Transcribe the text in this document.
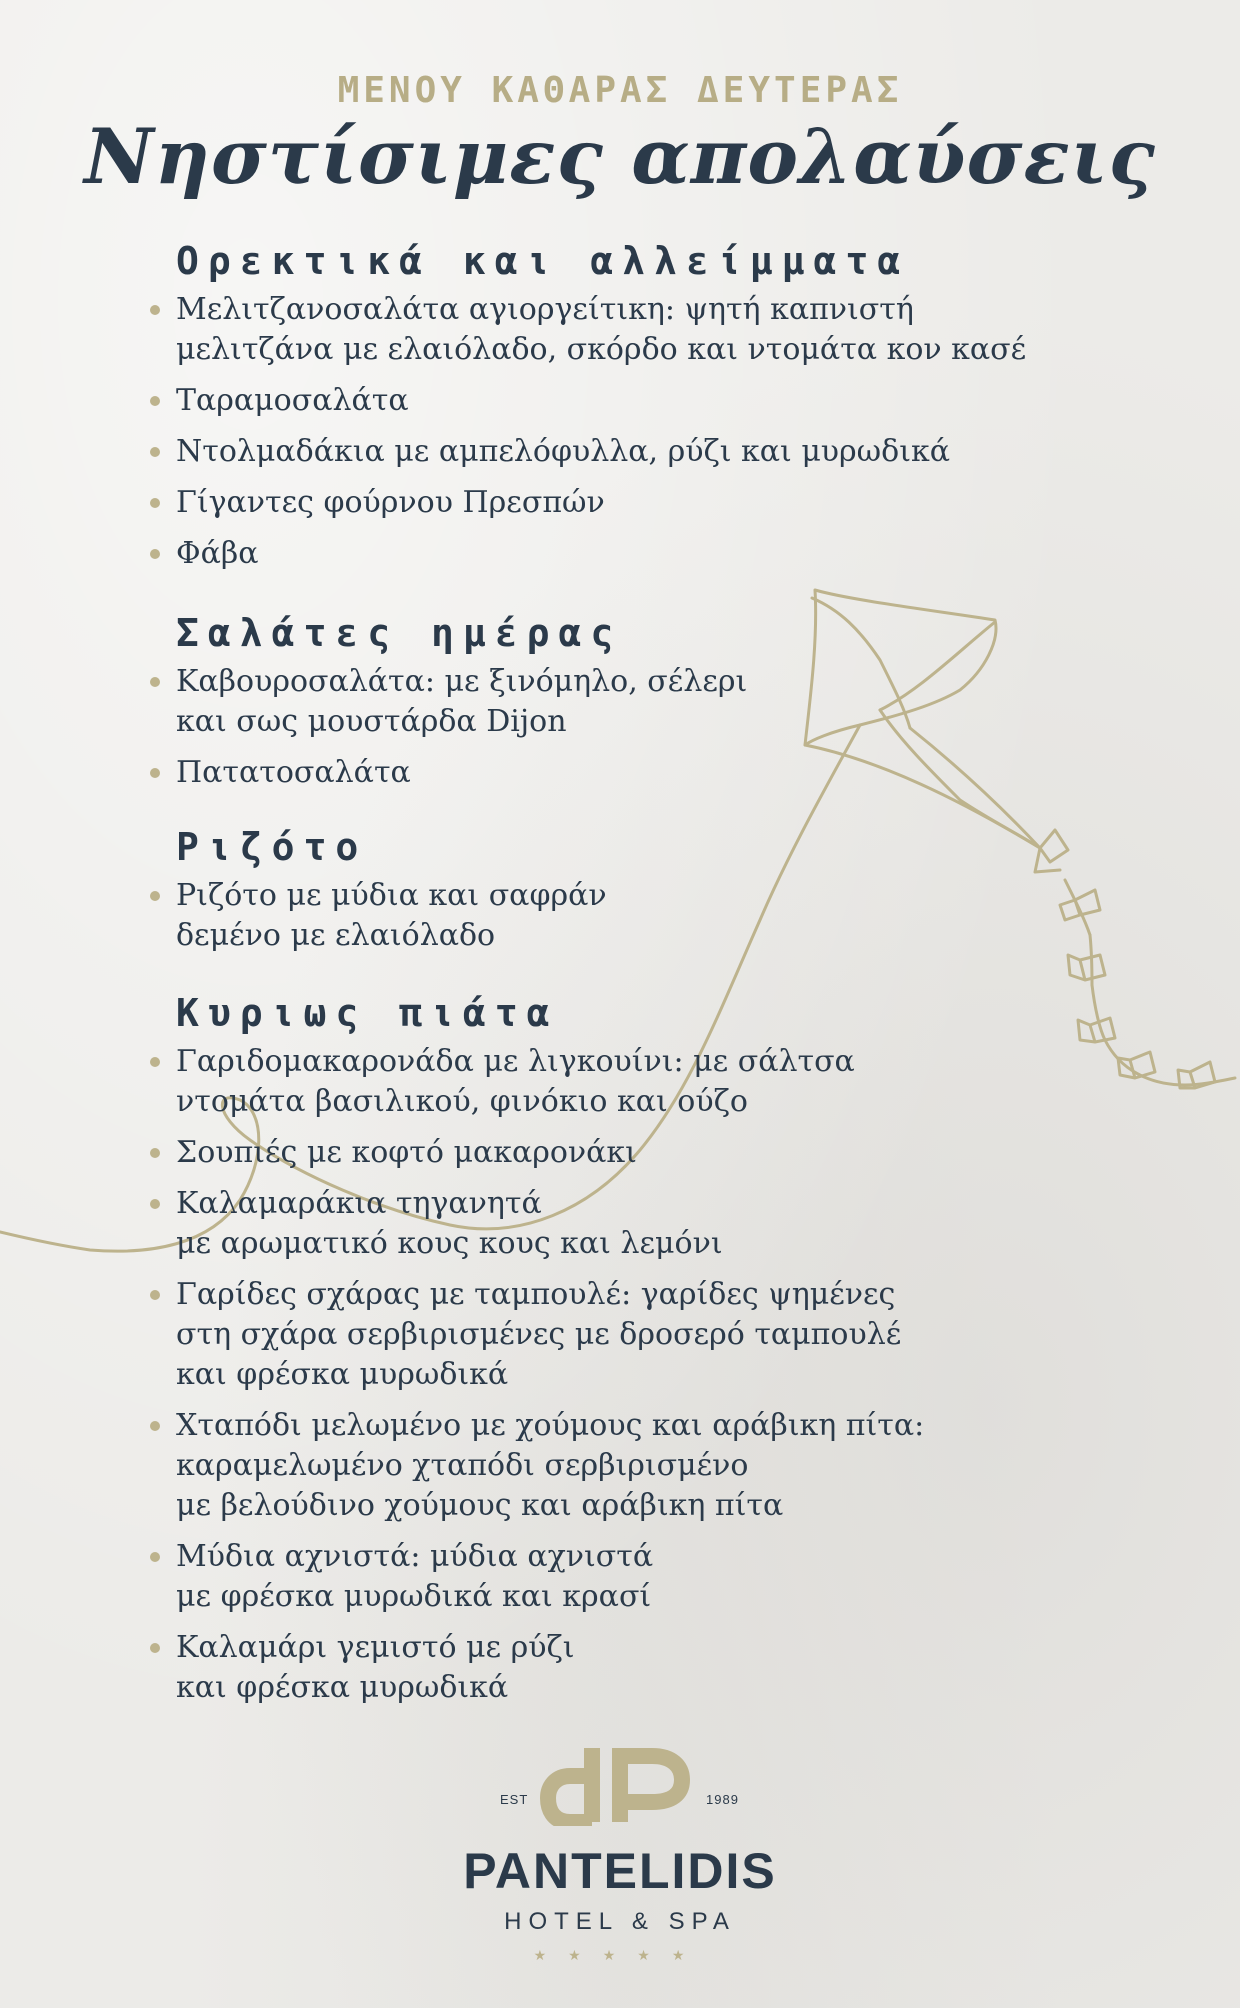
ΜΕΝΟΥ ΚΑΘΑΡΑΣ ΔΕΥΤΕΡΑΣ
Νηστίσιμες απολαύσεις
Ορεκτικά και αλλείμματα
Μελιτζανοσαλάτα αγιοργείτικη: ψητή καπνιστή
μελιτζάνα με ελαιόλαδο, σκόρδο και ντομάτα κον κασέ
Ταραμοσαλάτα
Ντολμαδάκια με αμπελόφυλλα, ρύζι και μυρωδικά
Γίγαντες φούρνου Πρεσπών
Φάβα
Σαλάτες ημέρας
Καβουροσαλάτα: με ξινόμηλο, σέλερι
και σως μουστάρδα Dijon
Πατατοσαλάτα
Ριζότο
Ριζότο με μύδια και σαφράν
δεμένο με ελαιόλαδο
Κυριως πιάτα
Γαριδομακαρονάδα με λιγκουίνι: με σάλτσα
ντομάτα βασιλικού, φινόκιο και ούζο
Σουπιές με κοφτό μακαρονάκι
Καλαμαράκια τηγανητά
με αρωματικό κους κους και λεμόνι
Γαρίδες σχάρας με ταμπουλέ: γαρίδες ψημένες
στη σχάρα σερβιρισμένες με δροσερό ταμπουλέ
και φρέσκα μυρωδικά
Χταπόδι μελωμένο με χούμους και αράβικη πίτα:
καραμελωμένο χταπόδι σερβιρισμένο
με βελούδινο χούμους και αράβικη πίτα
Μύδια αχνιστά: μύδια αχνιστά
με φρέσκα μυρωδικά και κρασί
Καλαμάρι γεμιστό με ρύζι
και φρέσκα μυρωδικά
EST	1989
PANTELIDIS
HOTEL & SPA
★★★★★
